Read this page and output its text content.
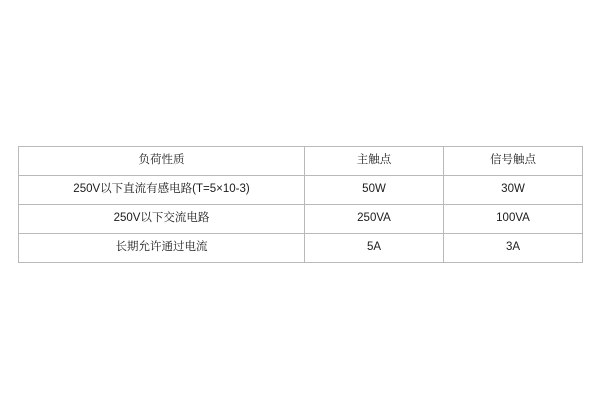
负荷性质	主触点	信号触点
250V以下直流有感电路(T=5×10-3)	50W	30W
250V以下交流电路	250VA	100VA
长期允许通过电流	5A	3A
